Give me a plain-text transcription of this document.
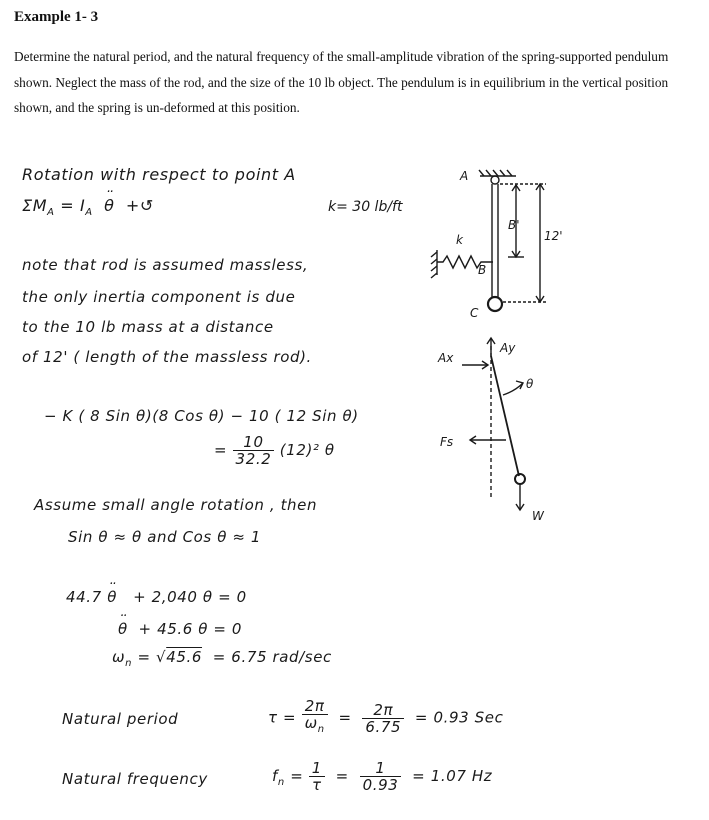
Example 1- 3
Determine the natural period, and the natural frequency of the small-amplitude vibration of the spring-supported pendulum shown. Neglect the mass of the rod, and the size of the 10 lb object. The pendulum is in equilibrium in the vertical position shown, and the spring is un-deformed at this position.
Rotation with respect to point A
$\Sigma M_A = I_A \cdot\cdot \theta$ +↺	k= 30 lb/ft
note that rod is assumed massless,
the only inertia component is due
to the 10 lb mass at a distance
of 12' ( length of the massless rod).
− K ( 8 Sin θ)(8 Cos θ) − 10 ( 12 Sin θ)
= $\frac{10}{32.2} (12)^2$ θ
Assume small angle rotation , then
Sin θ ≈ θ and Cos θ ≈ 1
44.7 ·· θ + 2,040 θ = 0
·· θ + 45.6 θ = 0
$\omega_n = √45.6 = 6.75$ rad/sec
Natural period	$\tau = \frac{2\pi}{\omega_n} = \frac{2\pi}{6.75} = 0.93$ Sec
Natural frequency	$f_n = \frac{1}{\tau} = \frac{1}{0.93} = 1.07$ Hz
A
B'
12'
k
B
C
Ax
Ay
θ
Fs
W
